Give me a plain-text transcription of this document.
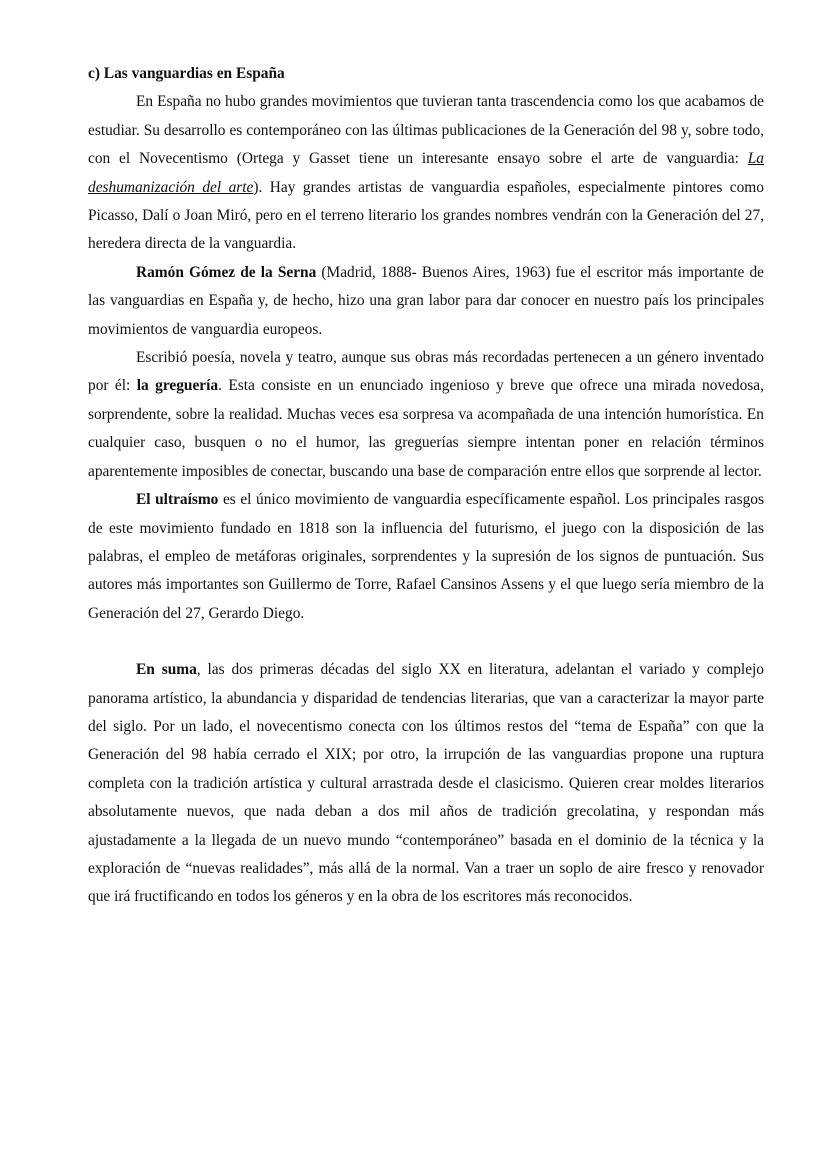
c) Las vanguardias en España

En España no hubo grandes movimientos que tuvieran tanta trascendencia como los que acabamos de estudiar. Su desarrollo es contemporáneo con las últimas publicaciones de la Generación del 98 y, sobre todo, con el Novecentismo (Ortega y Gasset tiene un interesante ensayo sobre el arte de vanguardia: La deshumanización del arte). Hay grandes artistas de vanguardia españoles, especialmente pintores como Picasso, Dalí o Joan Miró, pero en el terreno literario los grandes nombres vendrán con la Generación del 27, heredera directa de la vanguardia.

Ramón Gómez de la Serna (Madrid, 1888- Buenos Aires, 1963) fue el escritor más importante de las vanguardias en España y, de hecho, hizo una gran labor para dar conocer en nuestro país los principales movimientos de vanguardia europeos.

Escribió poesía, novela y teatro, aunque sus obras más recordadas pertenecen a un género inventado por él: la greguería. Esta consiste en un enunciado ingenioso y breve que ofrece una mirada novedosa, sorprendente, sobre la realidad. Muchas veces esa sorpresa va acompañada de una intención humorística. En cualquier caso, busquen o no el humor, las greguerías siempre intentan poner en relación términos aparentemente imposibles de conectar, buscando una base de comparación entre ellos que sorprende al lector.

El ultraísmo es el único movimiento de vanguardia específicamente español. Los principales rasgos de este movimiento fundado en 1818 son la influencia del futurismo, el juego con la disposición de las palabras, el empleo de metáforas originales, sorprendentes y la supresión de los signos de puntuación. Sus autores más importantes son Guillermo de Torre, Rafael Cansinos Assens y el que luego sería miembro de la Generación del 27, Gerardo Diego.

En suma, las dos primeras décadas del siglo XX en literatura, adelantan el variado y complejo panorama artístico, la abundancia y disparidad de tendencias literarias, que van a caracterizar la mayor parte del siglo. Por un lado, el novecentismo conecta con los últimos restos del “tema de España” con que la Generación del 98 había cerrado el XIX; por otro, la irrupción de las vanguardias propone una ruptura completa con la tradición artística y cultural arrastrada desde el clasicismo. Quieren crear moldes literarios absolutamente nuevos, que nada deban a dos mil años de tradición grecolatina, y respondan más ajustadamente a la llegada de un nuevo mundo “contemporáneo” basada en el dominio de la técnica y la exploración de “nuevas realidades”, más allá de la normal. Van a traer un soplo de aire fresco y renovador que irá fructificando en todos los géneros y en la obra de los escritores más reconocidos.
